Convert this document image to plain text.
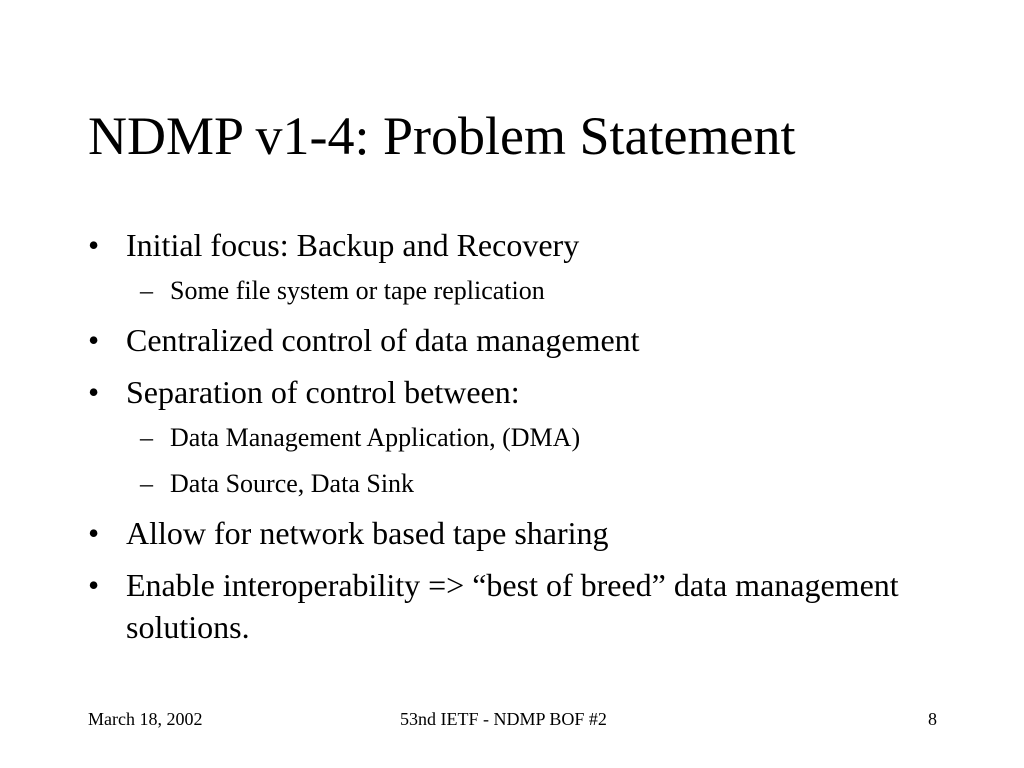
NDMP v1-4: Problem Statement
• Initial focus: Backup and Recovery
– Some file system or tape replication
• Centralized control of data management
• Separation of control between:
– Data Management Application, (DMA)
– Data Source, Data Sink
• Allow for network based tape sharing
• Enable interoperability => “best of breed” data management solutions.
March 18, 2002	53nd IETF - NDMP BOF #2	8
